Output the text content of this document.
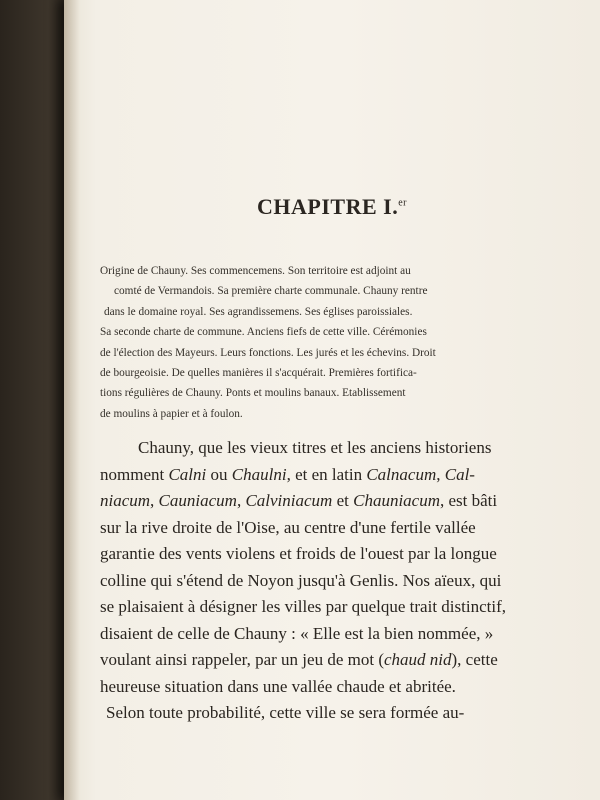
CHAPITRE I.$^{er}$
Origine de Chauny. Ses commencemens. Son territoire est adjoint au
comté de Vermandois. Sa première charte communale. Chauny rentre
dans le domaine royal. Ses agrandissemens. Ses églises paroissiales.
Sa seconde charte de commune. Anciens fiefs de cette ville. Cérémonies
de l'élection des Mayeurs. Leurs fonctions. Les jurés et les échevins. Droit
de bourgeoisie. De quelles manières il s'acquérait. Premières fortifica-
tions régulières de Chauny. Ponts et moulins banaux. Etablissement
de moulins à papier et à foulon.
Chauny, que les vieux titres et les anciens historiens
nomment Calni ou Chaulni, et en latin Calnacum, Cal-
niacum, Cauniacum, Calviniacum et Chauniacum, est bâti
sur la rive droite de l'Oise, au centre d'une fertile vallée
garantie des vents violens et froids de l'ouest par la longue
colline qui s'étend de Noyon jusqu'à Genlis. Nos aïeux, qui
se plaisaient à désigner les villes par quelque trait distinctif,
disaient de celle de Chauny : « Elle est la bien nommée, »
voulant ainsi rappeler, par un jeu de mot (chaud nid), cette
heureuse situation dans une vallée chaude et abritée.
Selon toute probabilité, cette ville se sera formée au-
